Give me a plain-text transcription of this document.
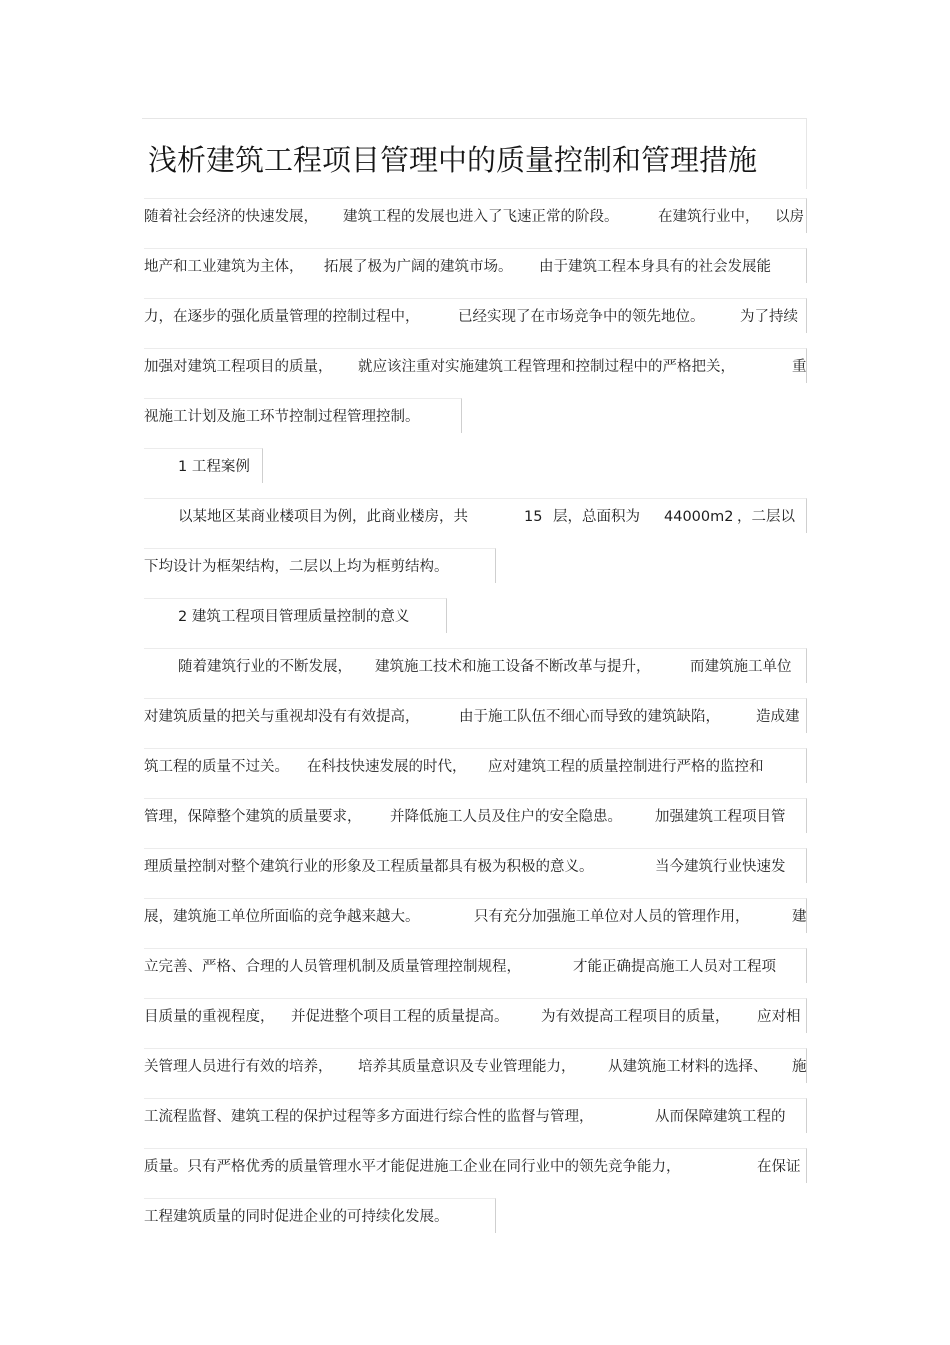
浅析建筑工程项目管理中的质量控制和管理措施
随着社会经济的快速发展， 建筑工程的发展也进入了飞速正常的阶段。	在建筑行业中， 以房
地产和工业建筑为主体， 拓展了极为广阔的建筑市场。 由于建筑工程本身具有的社会发展能
力，在逐步的强化质量管理的控制过程中，	已经实现了在市场竞争中的领先地位。 为了持续
加强对建筑工程项目的质量， 就应该注重对实施建筑工程管理和控制过程中的严格把关，	重
视施工计划及施工环节控制过程管理控制。
1 工程案例
以某地区某商业楼项目为例，此商业楼房，共	15 层，总面积为 44000m2 ，二层以
下均设计为框架结构，二层以上均为框剪结构。
2 建筑工程项目管理质量控制的意义
随着建筑行业的不断发展， 建筑施工技术和施工设备不断改革与提升，	而建筑施工单位
对建筑质量的把关与重视却没有有效提高，	由于施工队伍不细心而导致的建筑缺陷， 造成建
筑工程的质量不过关。 在科技快速发展的时代， 应对建筑工程的质量控制进行严格的监控和
管理，保障整个建筑的质量要求， 并降低施工人员及住户的安全隐患。 加强建筑工程项目管
理质量控制对整个建筑行业的形象及工程质量都具有极为积极的意义。	当今建筑行业快速发
展，建筑施工单位所面临的竞争越来越大。	只有充分加强施工单位对人员的管理作用，	建
立完善、严格、合理的人员管理机制及质量管理控制规程，	才能正确提高施工人员对工程项
目质量的重视程度， 并促进整个项目工程的质量提高。 为有效提高工程项目的质量， 应对相
关管理人员进行有效的培养， 培养其质量意识及专业管理能力， 从建筑施工材料的选择、 施
工流程监督、建筑工程的保护过程等多方面进行综合性的监督与管理，	从而保障建筑工程的
质量。只有严格优秀的质量管理水平才能促进施工企业在同行业中的领先竞争能力，	在保证
工程建筑质量的同时促进企业的可持续化发展。
